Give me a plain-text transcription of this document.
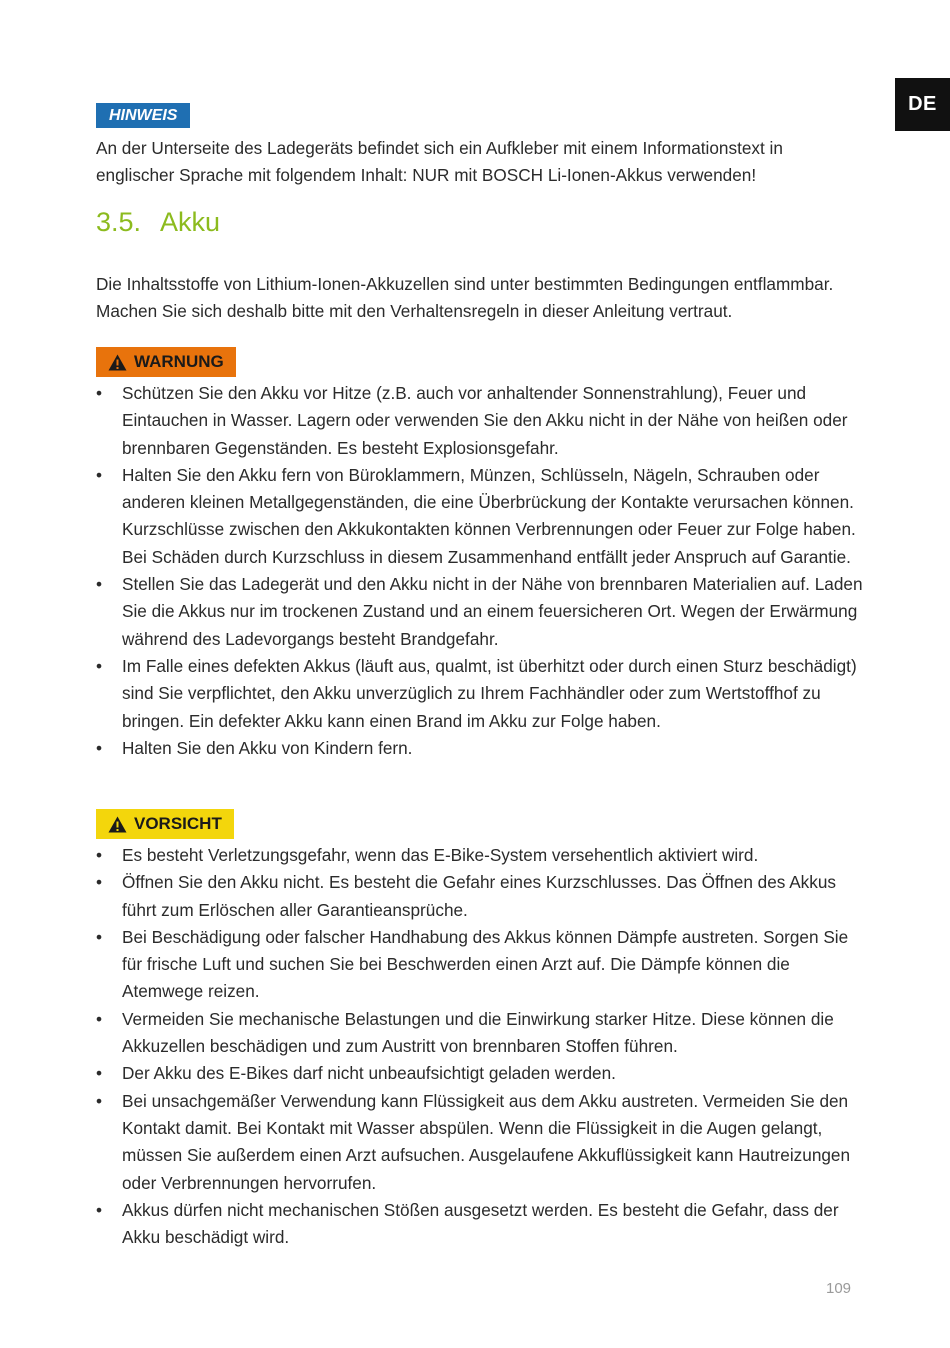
DE
HINWEIS

An der Unterseite des Ladegeräts befindet sich ein Aufkleber mit einem Informationstext in englischer Sprache mit folgendem Inhalt: NUR mit BOSCH Li-Ionen-Akkus verwenden!

3.5. Akku

Die Inhaltsstoffe von Lithium-Ionen-Akkuzellen sind unter bestimmten Bedingungen entflammbar. Machen Sie sich deshalb bitte mit den Verhaltensregeln in dieser Anleitung vertraut.

WARNUNG
•	Schützen Sie den Akku vor Hitze (z.B. auch vor anhaltender Sonnenstrahlung), Feuer und Eintauchen in Wasser. Lagern oder verwenden Sie den Akku nicht in der Nähe von heißen oder brennbaren Gegenständen. Es besteht Explosionsgefahr.
•	Halten Sie den Akku fern von Büroklammern, Münzen, Schlüsseln, Nägeln, Schrauben oder anderen kleinen Metallgegenständen, die eine Überbrückung der Kontakte verursachen können. Kurzschlüsse zwischen den Akkukontakten können Verbrennungen oder Feuer zur Folge haben. Bei Schäden durch Kurzschluss in diesem Zusammenhand entfällt jeder Anspruch auf Garantie.
•	Stellen Sie das Ladegerät und den Akku nicht in der Nähe von brennbaren Materialien auf. Laden Sie die Akkus nur im trockenen Zustand und an einem feuersicheren Ort. Wegen der Erwärmung während des Ladevorgangs besteht Brandgefahr.
•	Im Falle eines defekten Akkus (läuft aus, qualmt, ist überhitzt oder durch einen Sturz beschädigt) sind Sie verpflichtet, den Akku unverzüglich zu Ihrem Fachhändler oder zum Wertstoffhof zu bringen. Ein defekter Akku kann einen Brand im Akku zur Folge haben.
•	Halten Sie den Akku von Kindern fern.
VORSICHT
•	Es besteht Verletzungsgefahr, wenn das E-Bike-System versehentlich aktiviert wird.
•	Öffnen Sie den Akku nicht. Es besteht die Gefahr eines Kurzschlusses. Das Öffnen des Akkus führt zum Erlöschen aller Garantieansprüche.
•	Bei Beschädigung oder falscher Handhabung des Akkus können Dämpfe austreten. Sorgen Sie für frische Luft und suchen Sie bei Beschwerden einen Arzt auf. Die Dämpfe können die Atemwege reizen.
•	Vermeiden Sie mechanische Belastungen und die Einwirkung starker Hitze. Diese können die Akkuzellen beschädigen und zum Austritt von brennbaren Stoffen führen.
•	Der Akku des E-Bikes darf nicht unbeaufsichtigt geladen werden.
•	Bei unsachgemäßer Verwendung kann Flüssigkeit aus dem Akku austreten. Vermeiden Sie den Kontakt damit. Bei Kontakt mit Wasser abspülen. Wenn die Flüssigkeit in die Augen gelangt, müssen Sie außerdem einen Arzt aufsuchen. Ausgelaufene Akkuflüssigkeit kann Hautreizungen oder Verbrennungen hervorrufen.
•	Akkus dürfen nicht mechanischen Stößen ausgesetzt werden. Es besteht die Gefahr, dass der Akku beschädigt wird.
109
